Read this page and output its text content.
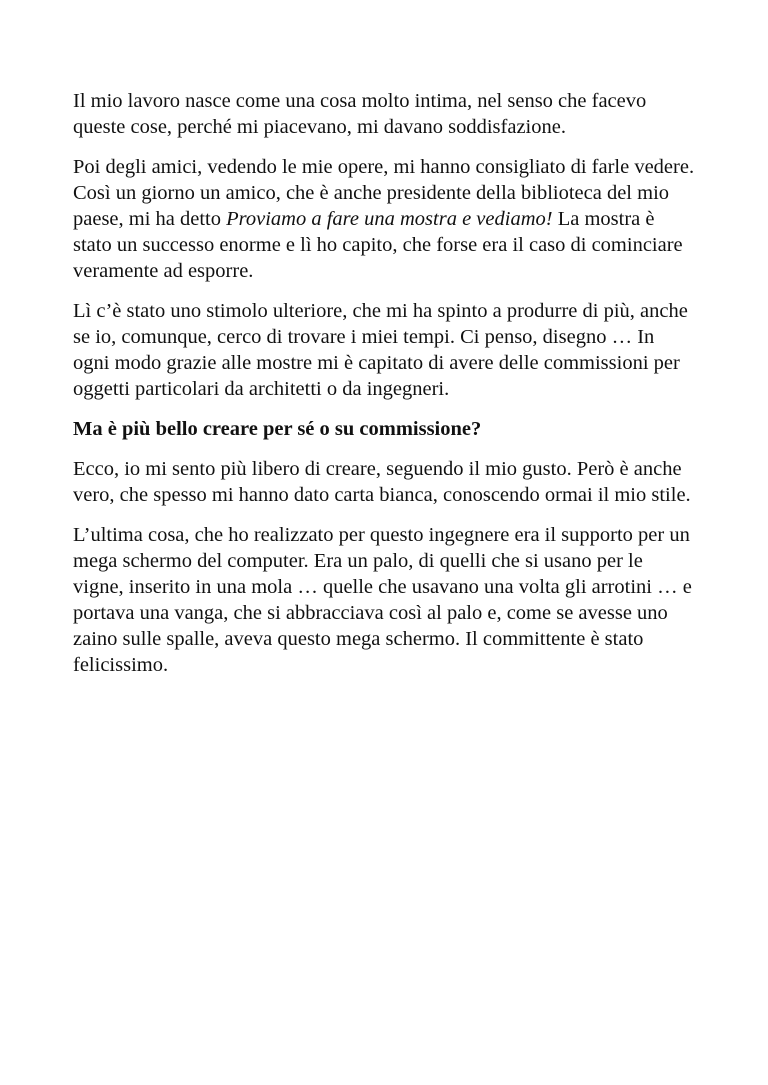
Il mio lavoro nasce come una cosa molto intima, nel senso che facevo queste cose, perché mi piacevano, mi davano soddisfazione.

Poi degli amici, vedendo le mie opere, mi hanno consigliato di farle vedere. Così un giorno un amico, che è anche presidente della biblioteca del mio paese, mi ha detto Proviamo a fare una mostra e vediamo! La mostra è stato un successo enorme e lì ho capito, che forse era il caso di cominciare veramente ad esporre.

Lì c’è stato uno stimolo ulteriore, che mi ha spinto a produrre di più, anche se io, comunque, cerco di trovare i miei tempi. Ci penso, disegno … In ogni modo grazie alle mostre mi è capitato di avere delle commissioni per oggetti particolari da architetti o da ingegneri.

Ma è più bello creare per sé o su commissione?

Ecco, io mi sento più libero di creare, seguendo il mio gusto. Però è anche vero, che spesso mi hanno dato carta bianca, conoscendo ormai il mio stile.

L’ultima cosa, che ho realizzato per questo ingegnere era il supporto per un mega schermo del computer. Era un palo, di quelli che si usano per le vigne, inserito in una mola … quelle che usavano una volta gli arrotini … e portava una vanga, che si abbracciava così al palo e, come se avesse uno zaino sulle spalle, aveva questo mega schermo. Il committente è stato felicissimo.
